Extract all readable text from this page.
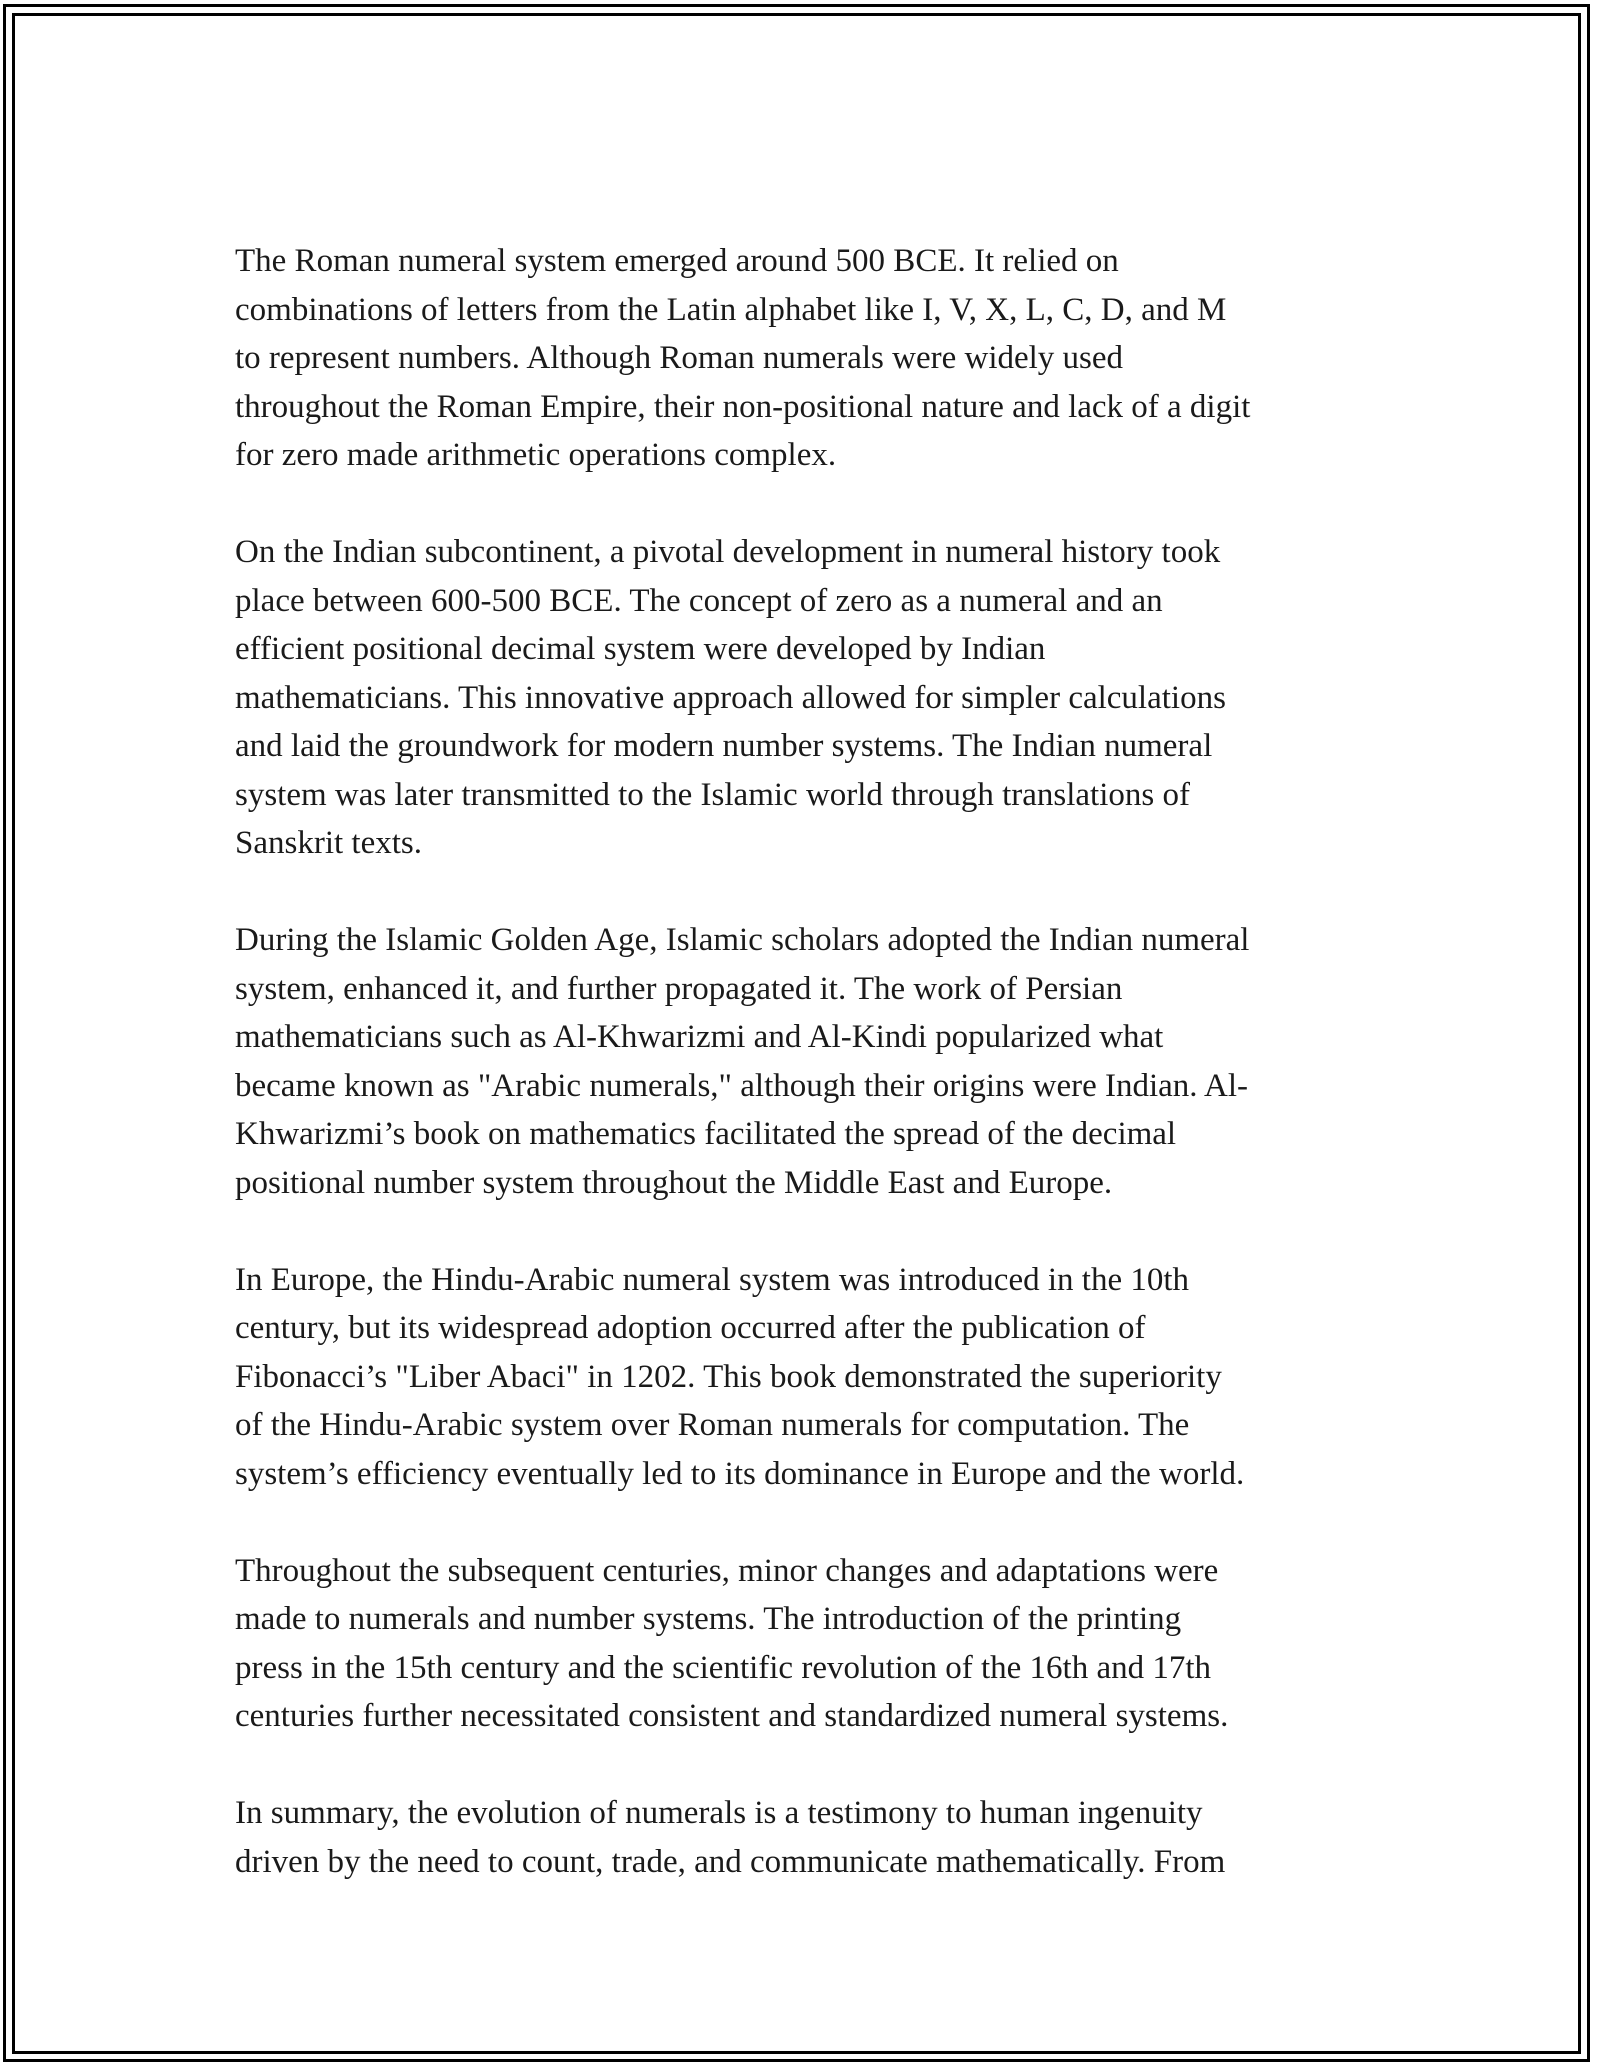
The Roman numeral system emerged around 500 BCE. It relied on
combinations of letters from the Latin alphabet like I, V, X, L, C, D, and M
to represent numbers. Although Roman numerals were widely used
throughout the Roman Empire, their non-positional nature and lack of a digit
for zero made arithmetic operations complex.

On the Indian subcontinent, a pivotal development in numeral history took
place between 600-500 BCE. The concept of zero as a numeral and an
efficient positional decimal system were developed by Indian
mathematicians. This innovative approach allowed for simpler calculations
and laid the groundwork for modern number systems. The Indian numeral
system was later transmitted to the Islamic world through translations of
Sanskrit texts.

During the Islamic Golden Age, Islamic scholars adopted the Indian numeral
system, enhanced it, and further propagated it. The work of Persian
mathematicians such as Al-Khwarizmi and Al-Kindi popularized what
became known as "Arabic numerals," although their origins were Indian. Al-
Khwarizmi’s book on mathematics facilitated the spread of the decimal
positional number system throughout the Middle East and Europe.

In Europe, the Hindu-Arabic numeral system was introduced in the 10th
century, but its widespread adoption occurred after the publication of
Fibonacci’s "Liber Abaci" in 1202. This book demonstrated the superiority
of the Hindu-Arabic system over Roman numerals for computation. The
system’s efficiency eventually led to its dominance in Europe and the world.

Throughout the subsequent centuries, minor changes and adaptations were
made to numerals and number systems. The introduction of the printing
press in the 15th century and the scientific revolution of the 16th and 17th
centuries further necessitated consistent and standardized numeral systems.

In summary, the evolution of numerals is a testimony to human ingenuity
driven by the need to count, trade, and communicate mathematically. From
